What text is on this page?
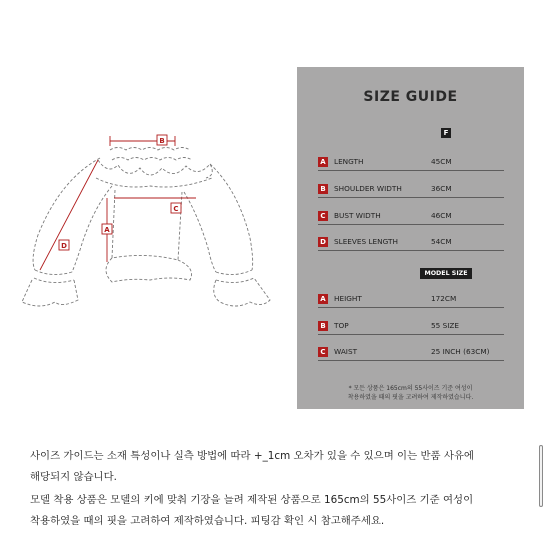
B
A
C
D
SIZE GUIDE
F
A	LENGTH	45CM
B	SHOULDER WIDTH	36CM
C	BUST WIDTH	46CM
D SLEEVES LENGTH	54CM
MODEL SIZE
A	HEIGHT	172CM
B	TOP	55 SIZE
C	WAIST	25 INCH (63CM)
* 모든 상품은 165cm의 55사이즈 기준 여성이
착용하였을 때의 핏을 고려하여 제작하였습니다.
사이즈 가이드는 소재 특성이나 실측 방법에 따라 +_1cm 오차가 있을 수 있으며 이는 반품 사유에
해당되지 않습니다.
모델 착용 상품은 모델의 키에 맞춰 기장을 늘려 제작된 상품으로 165cm의 55사이즈 기준 여성이
착용하였을 때의 핏을 고려하여 제작하였습니다. 피팅감 확인 시 참고해주세요.
